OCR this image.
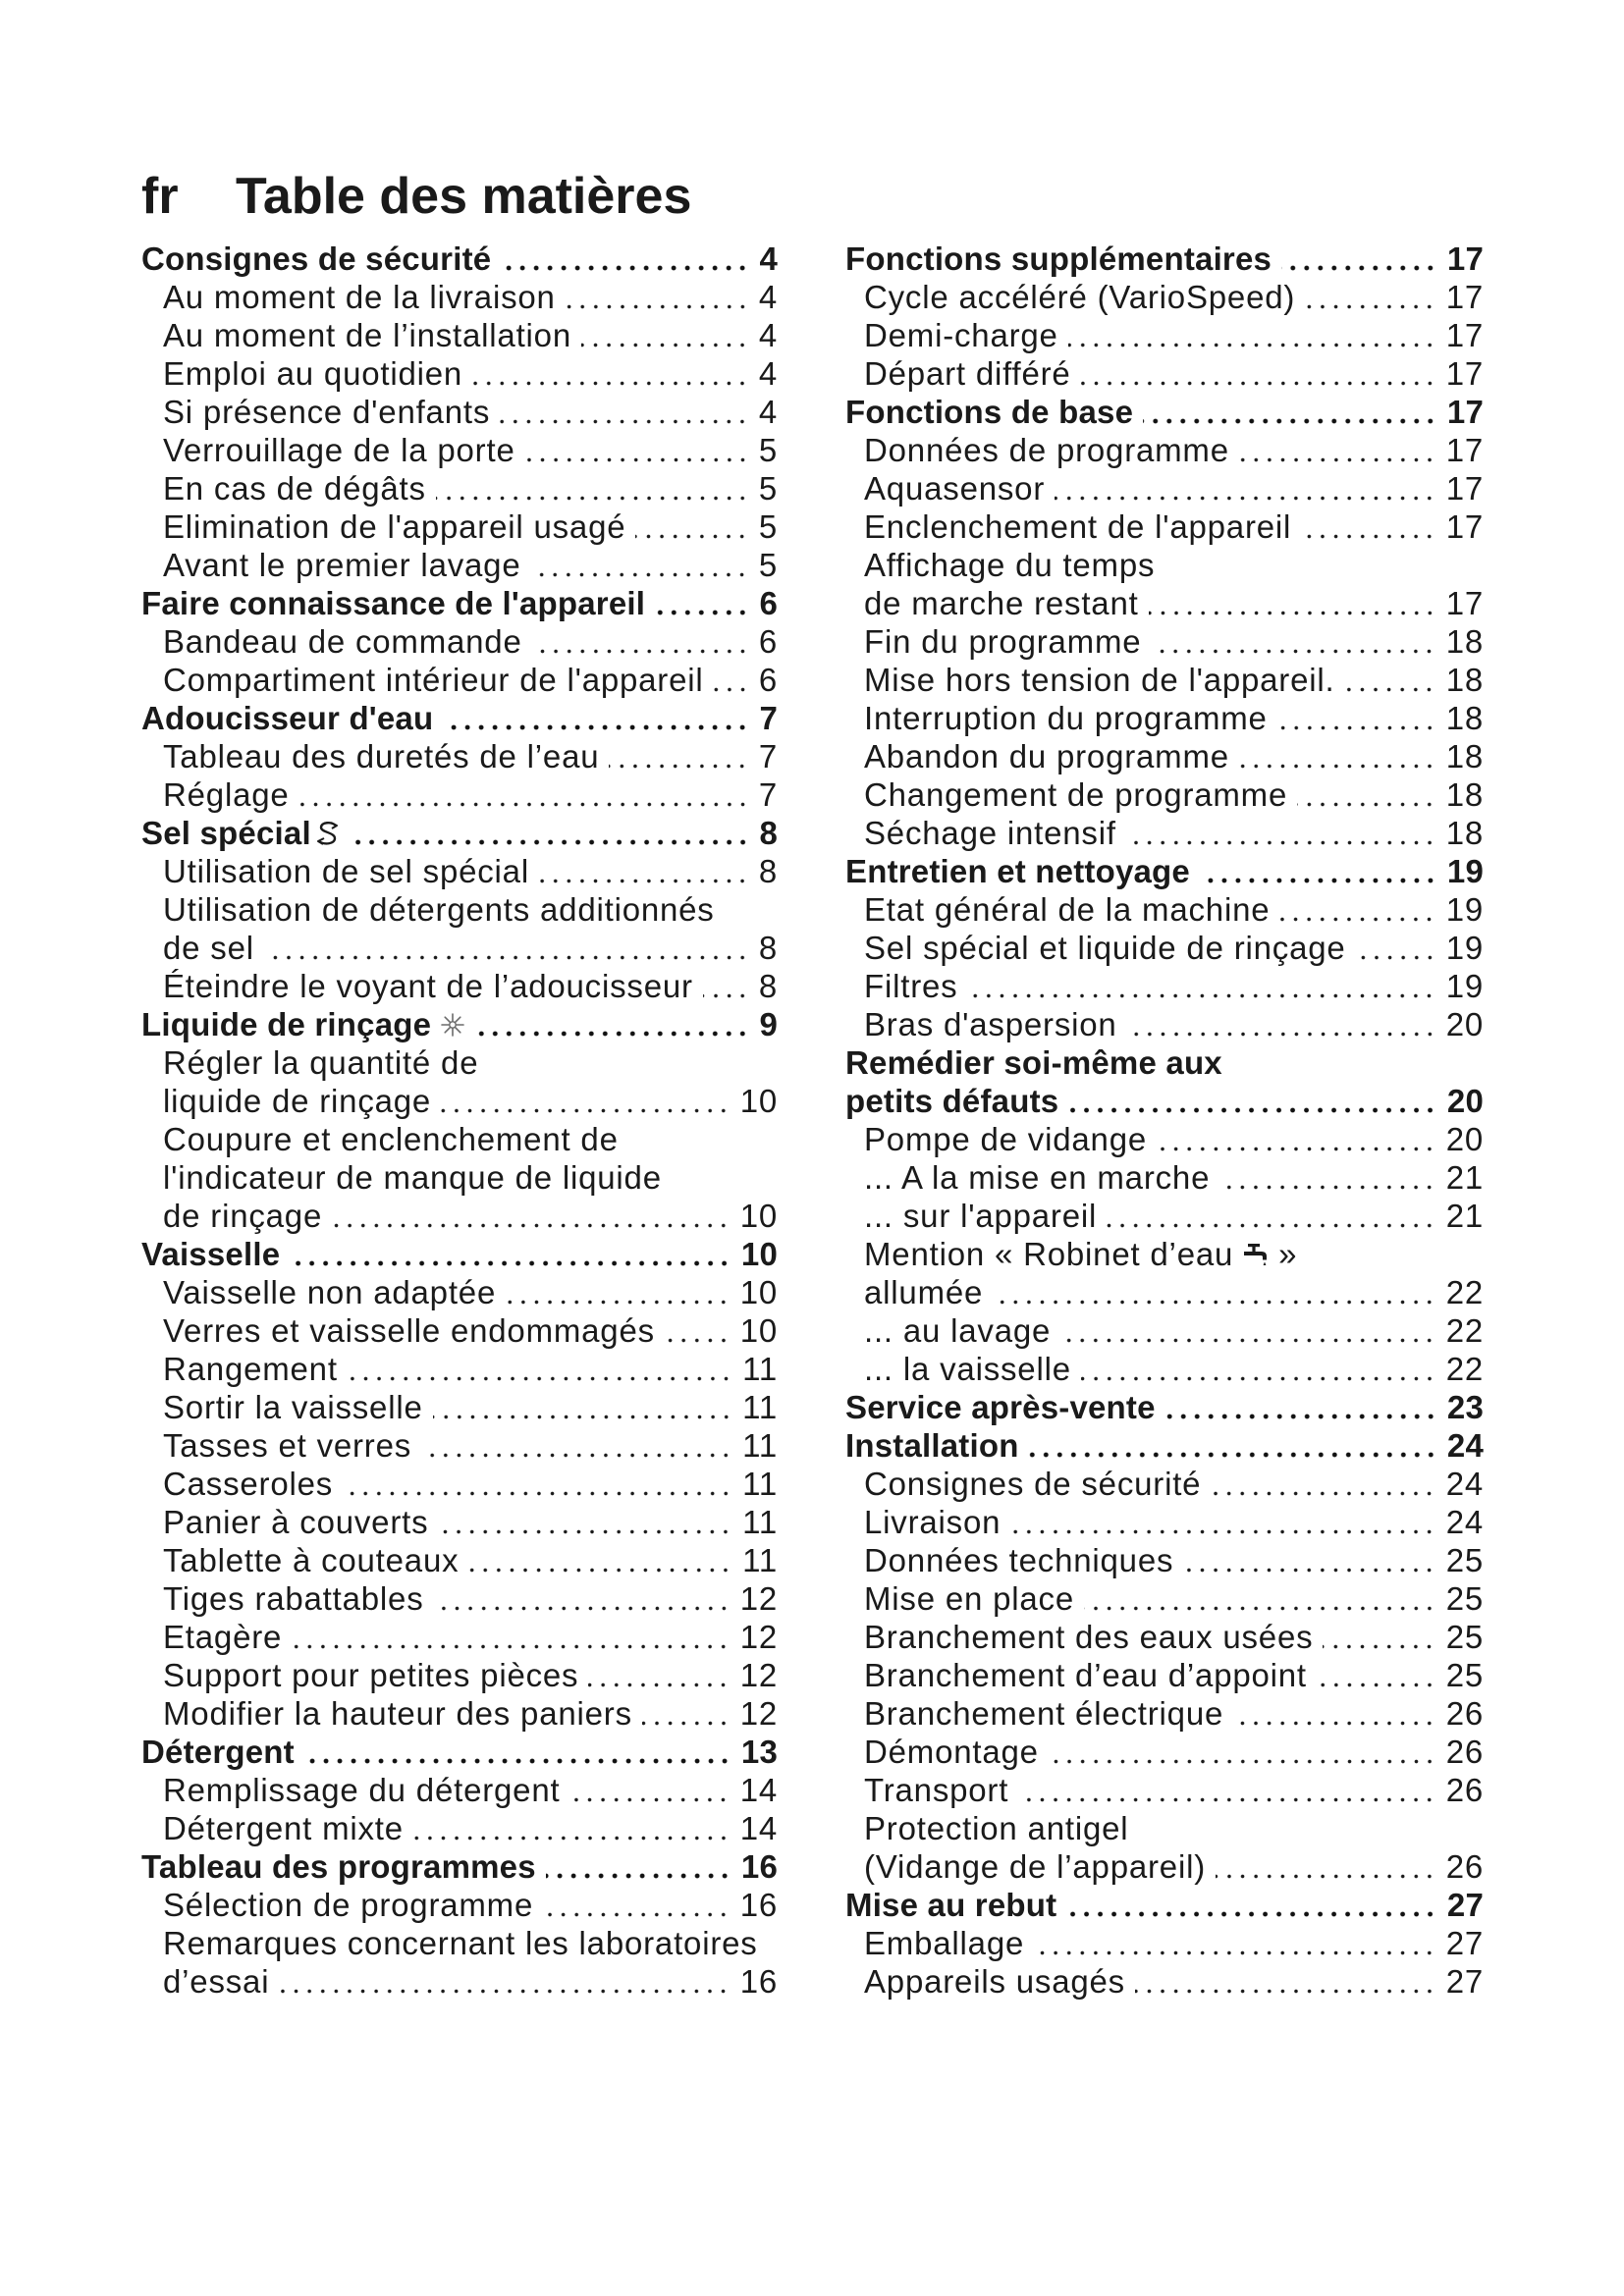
fr Table des matières
Consignes de sécurité	4
Au moment de la livraison	4
Au moment de l’installation	4
Emploi au quotidien	4
Si présence d'enfants	4
Verrouillage de la porte	5
En cas de dégâts	5
Elimination de l'appareil usagé	5
Avant le premier lavage	5
Faire connaissance de l'appareil	6
Bandeau de commande	6
Compartiment intérieur de l'appareil 6
Adoucisseur d'eau	7
Tableau des duretés de l’eau	7
Réglage	7
Sel spécial	8
Utilisation de sel spécial	8
Utilisation de détergents additionnés
de sel	8
Éteindre le voyant de l’adoucisseur 8
Liquide de rinçage	9
Régler la quantité de
liquide de rinçage	10
Coupure et enclenchement de
l'indicateur de manque de liquide
de rinçage	10
Vaisselle	10
Vaisselle non adaptée	10
Verres et vaisselle endommagés	10
Rangement	11
Sortir la vaisselle	11
Tasses et verres	11
Casseroles	11
Panier à couverts	11
Tablette à couteaux	11
Tiges rabattables	12
Etagère	12
Support pour petites pièces	12
Modifier la hauteur des paniers	12
Détergent	13
Remplissage du détergent	14
Détergent mixte	14
Tableau des programmes	16
Sélection de programme	16
Remarques concernant les laboratoires
d’essai	16
Fonctions supplémentaires	17
Cycle accéléré (VarioSpeed)	17
Demi-charge	17
Départ différé	17
Fonctions de base	17
Données de programme	17
Aquasensor	17
Enclenchement de l'appareil	17
Affichage du temps
de marche restant	17
Fin du programme	18
Mise hors tension de l'appareil.	18
Interruption du programme	18
Abandon du programme	18
Changement de programme	18
Séchage intensif	18
Entretien et nettoyage	19
Etat général de la machine	19
Sel spécial et liquide de rinçage	19
Filtres	19
Bras d'aspersion	20
Remédier soi-même aux
petits défauts	20
Pompe de vidange	20
... A la mise en marche	21
... sur l'appareil	21
Mention « Robinet d’eau »
allumée	22
... au lavage	22
... la vaisselle	22
Service après-vente	23
Installation	24
Consignes de sécurité	24
Livraison	24
Données techniques	25
Mise en place	25
Branchement des eaux usées	25
Branchement d’eau d’appoint	25
Branchement électrique	26
Démontage	26
Transport	26
Protection antigel
(Vidange de l’appareil)	26
Mise au rebut	27
Emballage	27
Appareils usagés	27
